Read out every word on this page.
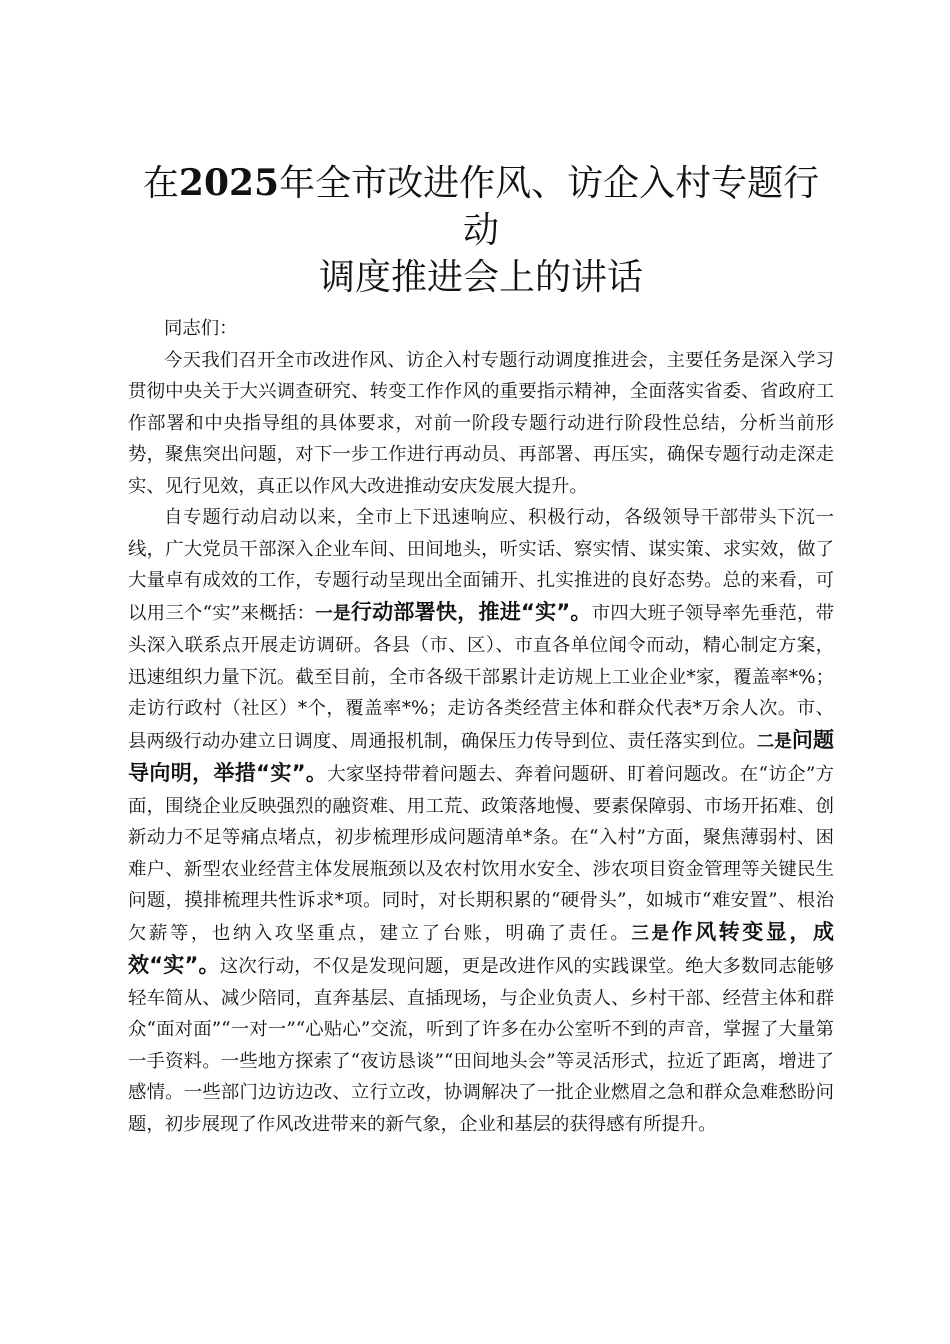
在2025年全市改进作风、访企入村专题行动
调度推进会上的讲话

同志们：

今天我们召开全市改进作风、访企入村专题行动调度推进会，主要任务是深入学习贯彻中央关于大兴调查研究、转变工作作风的重要指示精神，全面落实省委、省政府工作部署和中央指导组的具体要求，对前一阶段专题行动进行阶段性总结，分析当前形势，聚焦突出问题，对下一步工作进行再动员、再部署、再压实，确保专题行动走深走实、见行见效，真正以作风大改进推动安庆发展大提升。

自专题行动启动以来，全市上下迅速响应、积极行动，各级领导干部带头下沉一线，广大党员干部深入企业车间、田间地头，听实话、察实情、谋实策、求实效，做了大量卓有成效的工作，专题行动呈现出全面铺开、扎实推进的良好态势。总的来看，可以用三个“实”来概括：一是行动部署快，推进“实”。市四大班子领导率先垂范，带头深入联系点开展走访调研。各县（市、区）、市直各单位闻令而动，精心制定方案，迅速组织力量下沉。截至目前，全市各级干部累计走访规上工业企业*家，覆盖率*%；走访行政村（社区）*个，覆盖率*%；走访各类经营主体和群众代表*万余人次。市、县两级行动办建立日调度、周通报机制，确保压力传导到位、责任落实到位。二是问题导向明，举措“实”。大家坚持带着问题去、奔着问题研、盯着问题改。在“访企”方面，围绕企业反映强烈的融资难、用工荒、政策落地慢、要素保障弱、市场开拓难、创新动力不足等痛点堵点，初步梳理形成问题清单*条。在“入村”方面，聚焦薄弱村、困难户、新型农业经营主体发展瓶颈以及农村饮用水安全、涉农项目资金管理等关键民生问题，摸排梳理共性诉求*项。同时，对长期积累的“硬骨头”，如城市“难安置”、根治欠薪等，也纳入攻坚重点，建立了台账，明确了责任。三是作风转变显，成效“实”。这次行动，不仅是发现问题，更是改进作风的实践课堂。绝大多数同志能够轻车简从、减少陪同，直奔基层、直插现场，与企业负责人、乡村干部、经营主体和群众“面对面”“一对一”“心贴心”交流，听到了许多在办公室听不到的声音，掌握了大量第一手资料。一些地方探索了“夜访恳谈”“田间地头会”等灵活形式，拉近了距离，增进了感情。一些部门边访边改、立行立改，协调解决了一批企业燃眉之急和群众急难愁盼问题，初步展现了作风改进带来的新气象，企业和基层的获得感有所提升。
